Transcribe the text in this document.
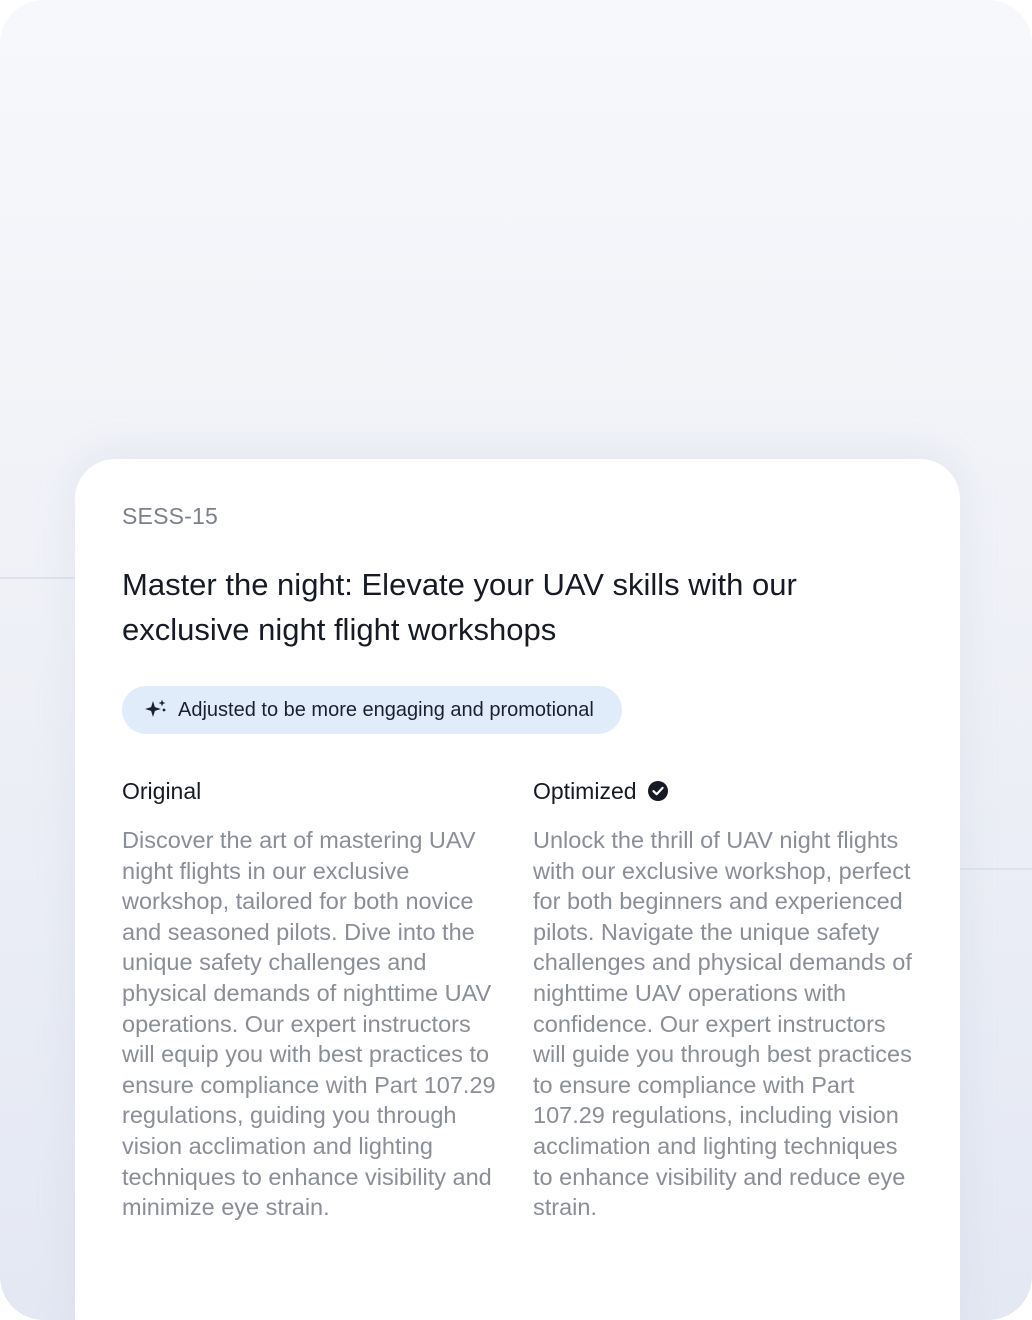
SESS-15
Master the night: Elevate your UAV skills with our exclusive night flight workshops
Adjusted to be more engaging and promotional
Original
Discover the art of mastering UAV night flights in our exclusive workshop, tailored for both novice and seasoned pilots. Dive into the unique safety challenges and physical demands of nighttime UAV operations. Our expert instructors will equip you with best practices to ensure compliance with Part 107.29 regulations, guiding you through vision acclimation and lighting techniques to enhance visibility and minimize eye strain.
Optimized
Unlock the thrill of UAV night flights with our exclusive workshop, perfect for both beginners and experienced pilots. Navigate the unique safety challenges and physical demands of nighttime UAV operations with confidence. Our expert instructors will guide you through best practices to ensure compliance with Part 107.29 regulations, including vision acclimation and lighting techniques to enhance visibility and reduce eye strain.
